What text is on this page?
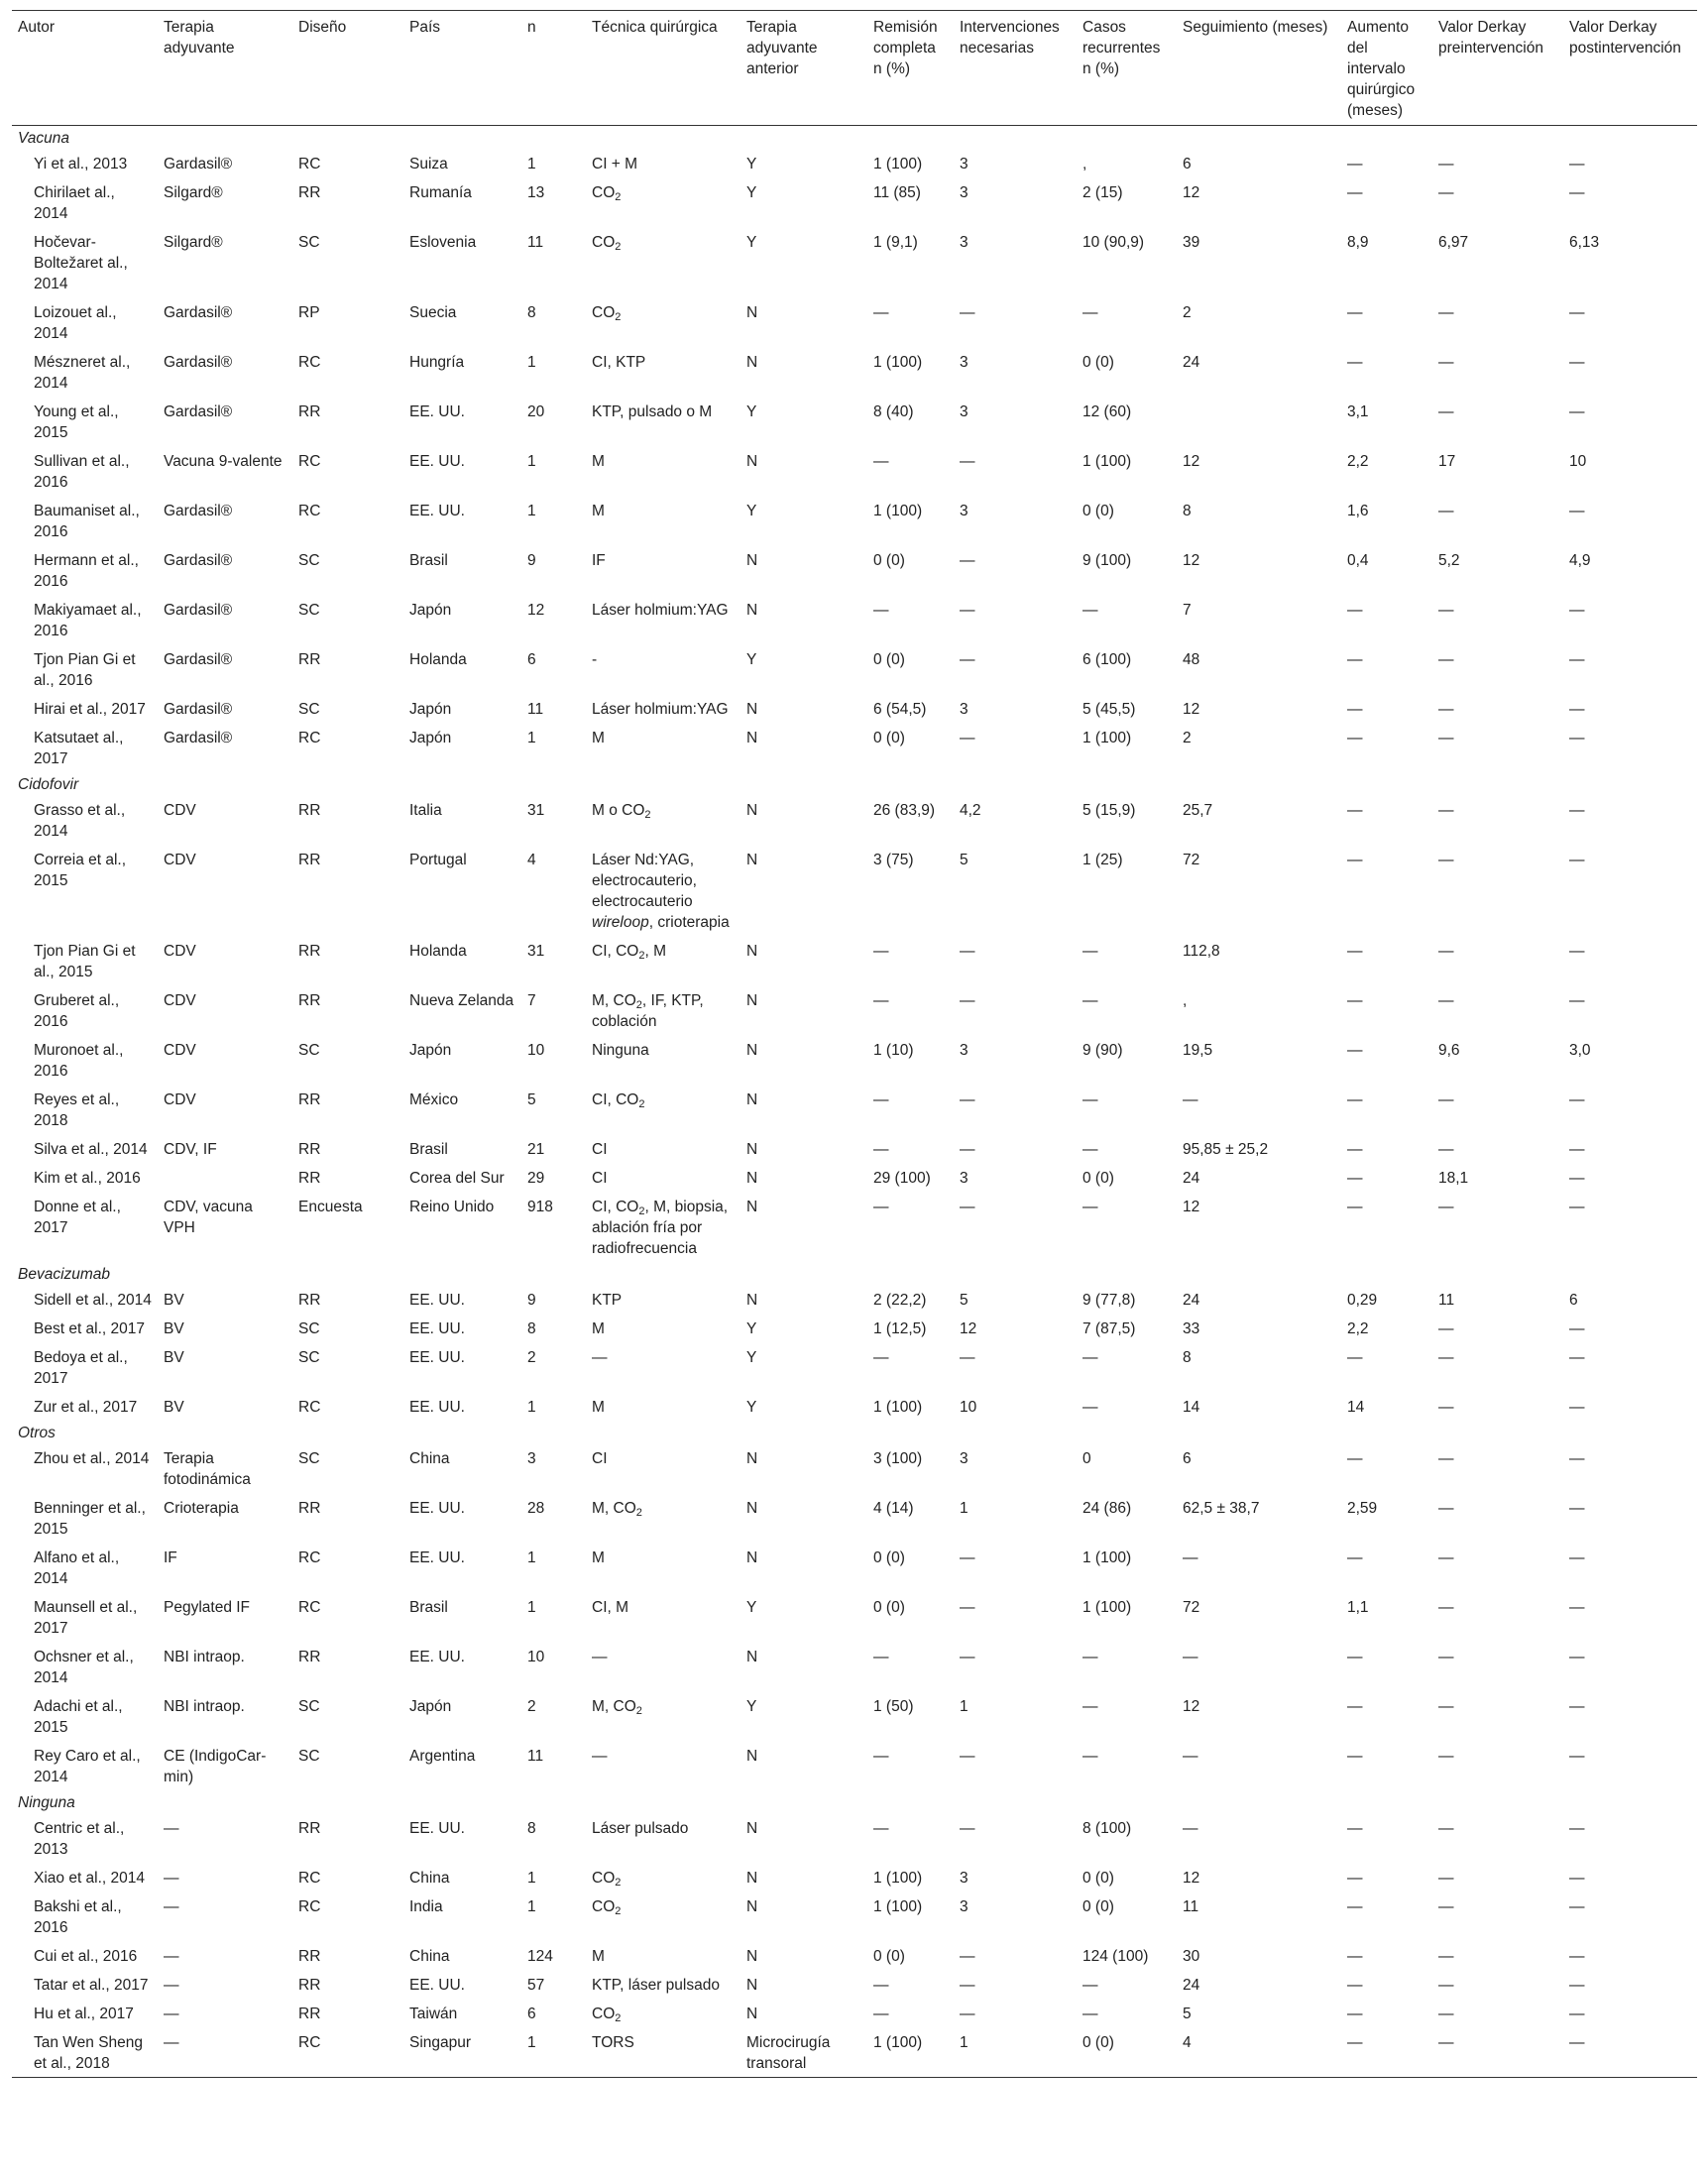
Autor	Terapia adyuvante	Diseño	País	n	Técnica quirúrgica	Terapia adyuvante anterior	Remisión completa n (%)	Intervenciones necesarias	Casos recurrentes n (%)	Seguimiento (meses)	Aumento del intervalo quirúrgico (meses)	Valor Derkay preintervención	Valor Derkay postintervención
Vacuna													
Yi et al., 2013	Gardasil®	RC	Suiza	1	CI + M	Y	1 (100)	3	,	6	—	—	—
Chirilaet al., 2014	Silgard®	RR	Rumanía	13	$CO_2$	Y	11 (85)	3	2 (15)	12	—	—	—
Hočevar-Boltežaret al., 2014	Silgard®	SC	Eslovenia	11	$CO_2$	Y	1 (9,1)	3	10 (90,9)	39	8,9	6,97	6,13
Loizouet al., 2014	Gardasil®	RP	Suecia	8	$CO_2$	N	—	—	—	2	—	—	—
Mészneret al., 2014	Gardasil®	RC	Hungría	1	CI, KTP	N	1 (100)	3	0 (0)	24	—	—	—
Young et al., 2015	Gardasil®	RR	EE. UU.	20	KTP, pulsado o M	Y	8 (40)	3	12 (60)		3,1	—	—
Sullivan et al., 2016	Vacuna 9-valente	RC	EE. UU.	1	M	N	—	—	1 (100)	12	2,2	17	10
Baumaniset al., 2016	Gardasil®	RC	EE. UU.	1	M	Y	1 (100)	3	0 (0)	8	1,6	—	—
Hermann et al., 2016	Gardasil®	SC	Brasil	9	IF	N	0 (0)	—	9 (100)	12	0,4	5,2	4,9
Makiyamaet al., 2016	Gardasil®	SC	Japón	12	Láser holmium:YAG	N	—	—	—	7	—	—	—
Tjon Pian Gi et al., 2016	Gardasil®	RR	Holanda	6	-	Y	0 (0)	—	6 (100)	48	—	—	—
Hirai et al., 2017	Gardasil®	SC	Japón	11	Láser holmium:YAG	N	6 (54,5)	3	5 (45,5)	12	—	—	—
Katsutaet al., 2017	Gardasil®	RC	Japón	1	M	N	0 (0)	—	1 (100)	2	—	—	—
Cidofovir													
Grasso et al., 2014	CDV	RR	Italia	31	M o $CO_2$	N	26 (83,9)	4,2	5 (15,9)	25,7	—	—	—
Correia et al., 2015	CDV	RR	Portugal	4	Láser Nd:YAG, electrocauterio, electrocauterio wireloop, crioterapia	N	3 (75)	5	1 (25)	72	—	—	—
Tjon Pian Gi et al., 2015	CDV	RR	Holanda	31	CI, $CO_2$, M	N	—	—	—	112,8	—	—	—
Gruberet al., 2016	CDV	RR	Nueva Zelanda	7	M, $CO_2$, IF, KTP, coblación	N	—	—	—	,	—	—	—
Muronoet al., 2016	CDV	SC	Japón	10	Ninguna	N	1 (10)	3	9 (90)	19,5	—	9,6	3,0
Reyes et al., 2018	CDV	RR	México	5	CI, $CO_2$	N	—	—	—	—	—	—	—
Silva et al., 2014	CDV, IF	RR	Brasil	21	CI	N	—	—	—	95,85 ± 25,2	—	—	—
Kim et al., 2016		RR	Corea del Sur	29	CI	N	29 (100)	3	0 (0)	24	—	18,1	—
Donne et al., 2017	CDV, vacuna VPH	Encuesta	Reino Unido	918	CI, $CO_2$, M, biopsia, ablación fría por radiofrecuencia	N	—	—	—	12	—	—	—
Bevacizumab													
Sidell et al., 2014	BV	RR	EE. UU.	9	KTP	N	2 (22,2)	5	9 (77,8)	24	0,29	11	6
Best et al., 2017	BV	SC	EE. UU.	8	M	Y	1 (12,5)	12	7 (87,5)	33	2,2	—	—
Bedoya et al., 2017	BV	SC	EE. UU.	2	—	Y	—	—	—	8	—	—	—
Zur et al., 2017	BV	RC	EE. UU.	1	M	Y	1 (100)	10	—	14	14	—	—
Otros													
Zhou et al., 2014	Terapia fotodinámica	SC	China	3	CI	N	3 (100)	3	0	6	—	—	—
Benninger et al., 2015	Crioterapia	RR	EE. UU.	28	M, $CO_2$	N	4 (14)	1	24 (86)	62,5 ± 38,7	2,59	—	—
Alfano et al., 2014	IF	RC	EE. UU.	1	M	N	0 (0)	—	1 (100)	—	—	—	—
Maunsell et al., 2017	Pegylated IF	RC	Brasil	1	CI, M	Y	0 (0)	—	1 (100)	72	1,1	—	—
Ochsner et al., 2014	NBI intraop.	RR	EE. UU.	10	—	N	—	—	—	—	—	—	—
Adachi et al., 2015	NBI intraop.	SC	Japón	2	M, $CO_2$	Y	1 (50)	1	—	12	—	—	—
Rey Caro et al., 2014	CE (IndigoCar-min)	SC	Argentina	11	—	N	—	—	—	—	—	—	—
Ninguna													
Centric et al., 2013	—	RR	EE. UU.	8	Láser pulsado	N	—	—	8 (100)	—	—	—	—
Xiao et al., 2014	—	RC	China	1	$CO_2$	N	1 (100)	3	0 (0)	12	—	—	—
Bakshi et al., 2016	—	RC	India	1	$CO_2$	N	1 (100)	3	0 (0)	11	—	—	—
Cui et al., 2016	—	RR	China	124	M	N	0 (0)	—	124 (100)	30	—	—	—
Tatar et al., 2017	—	RR	EE. UU.	57	KTP, láser pulsado	N	—	—	—	24	—	—	—
Hu et al., 2017	—	RR	Taiwán	6	$CO_2$	N	—	—	—	5	—	—	—
Tan Wen Sheng et al., 2018	—	RC	Singapur	1	TORS	Microcirugía transoral	1 (100)	1	0 (0)	4	—	—	—
